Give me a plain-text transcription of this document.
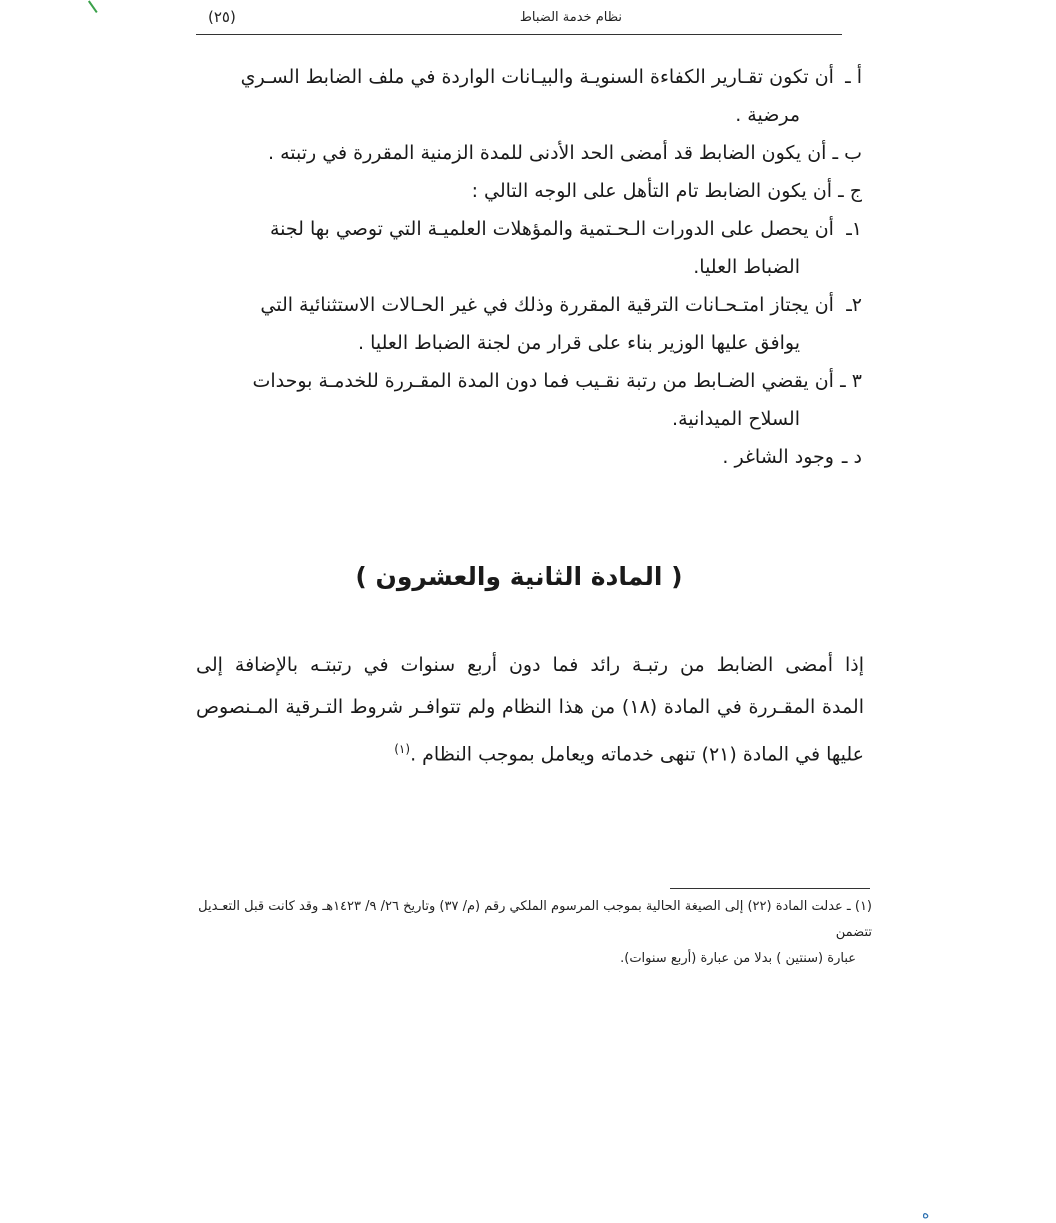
نظام خدمة الضباط
(٢٥)
أ ـ أن تكون تقـارير الكفاءة السنويـة والبيـانات الواردة في ملف الضابط السـري
مرضية .
ب ـ أن يكون الضابط قد أمضى الحد الأدنى للمدة الزمنية المقررة في رتبته .
ج ـ أن يكون الضابط تام التأهل على الوجه التالي :
١ـ أن يحصل على الدورات الـحـتمية والمؤهلات العلميـة التي توصي بها لجنة
الضباط العليا.
٢ـ أن يجتاز امتـحـانات الترقية المقررة وذلك في غير الحـالات الاستثنائية التي
يوافق عليها الوزير بناء على قرار من لجنة الضباط العليا .
٣ ـ أن يقضي الضـابط من رتبة نقـيب فما دون المدة المقـررة للخدمـة بوحدات
السلاح الميدانية.
د ـ وجود الشاغر .
( المادة الثانية والعشرون )
إذا أمضى الضابط من رتبـة رائد فما دون أربع سنوات في رتبتـه بالإضافة إلى
المدة المقـررة في المادة (١٨) من هذا النظام ولم تتوافـر شروط التـرقية المـنصوص
عليها في المادة (٢١) تنهى خدماته ويعامل بموجب النظام .$^{(١)}$
(١) ـ عدلت المادة (٢٢) إلى الصيغة الحالية بموجب المرسوم الملكي رقم (م/ ٣٧) وتاريخ ٢٦/ ٩/ ١٤٢٣هـ وقد كانت قبل التعـديل تتضمن
عبارة (سنتين ) بدلا من عبارة (أربع سنوات).
ه
